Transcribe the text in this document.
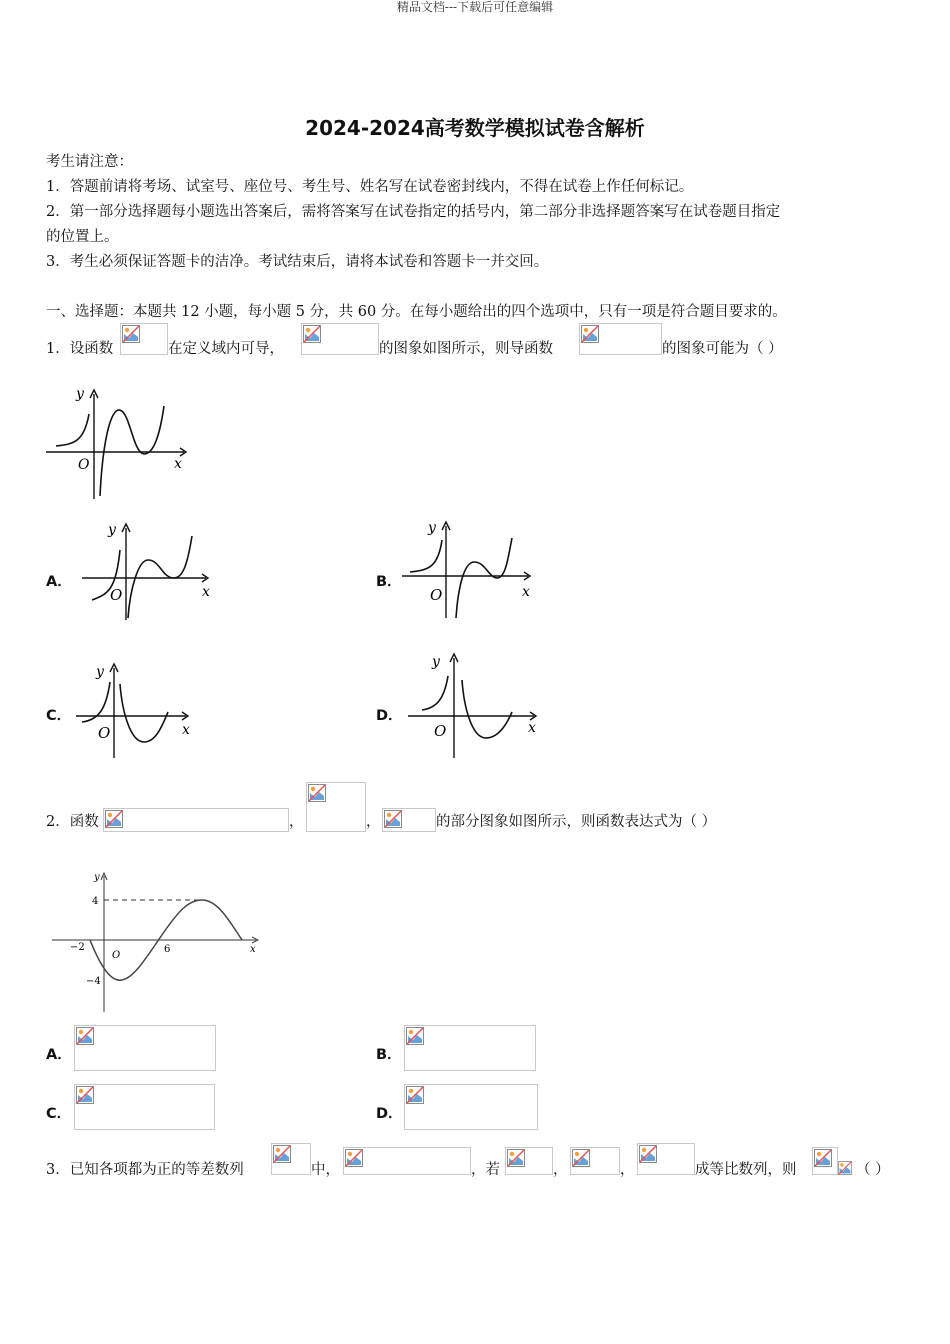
精品文档---下载后可任意编辑
2024-2024高考数学模拟试卷含解析
考生请注意：
1．答题前请将考场、试室号、座位号、考生号、姓名写在试卷密封线内，不得在试卷上作任何标记。
2．第一部分选择题每小题选出答案后，需将答案写在试卷指定的括号内，第二部分非选择题答案写在试卷题目指定
的位置上。
3．考生必须保证答题卡的洁净。考试结束后，请将本试卷和答题卡一并交回。
一、选择题：本题共 12 小题，每小题 5 分，共 60 分。在每小题给出的四个选项中，只有一项是符合题目要求的。
1．设函数	在定义域内可导，	的图象如图所示，则导函数	的图象可能为（ ）
y
O	x
A．
y
O	x
B．
y
O	x
C．
y
O	x
D．
y
O	x
2．函数	，	，	的部分图象如图所示，则函数表达式为（ ）
y
4
−4
−2
O
6	x
A．	B．
C．	D．
3．已知各项都为正的等差数列	中，	，若	，	，	成等比数列，则	（ ）
